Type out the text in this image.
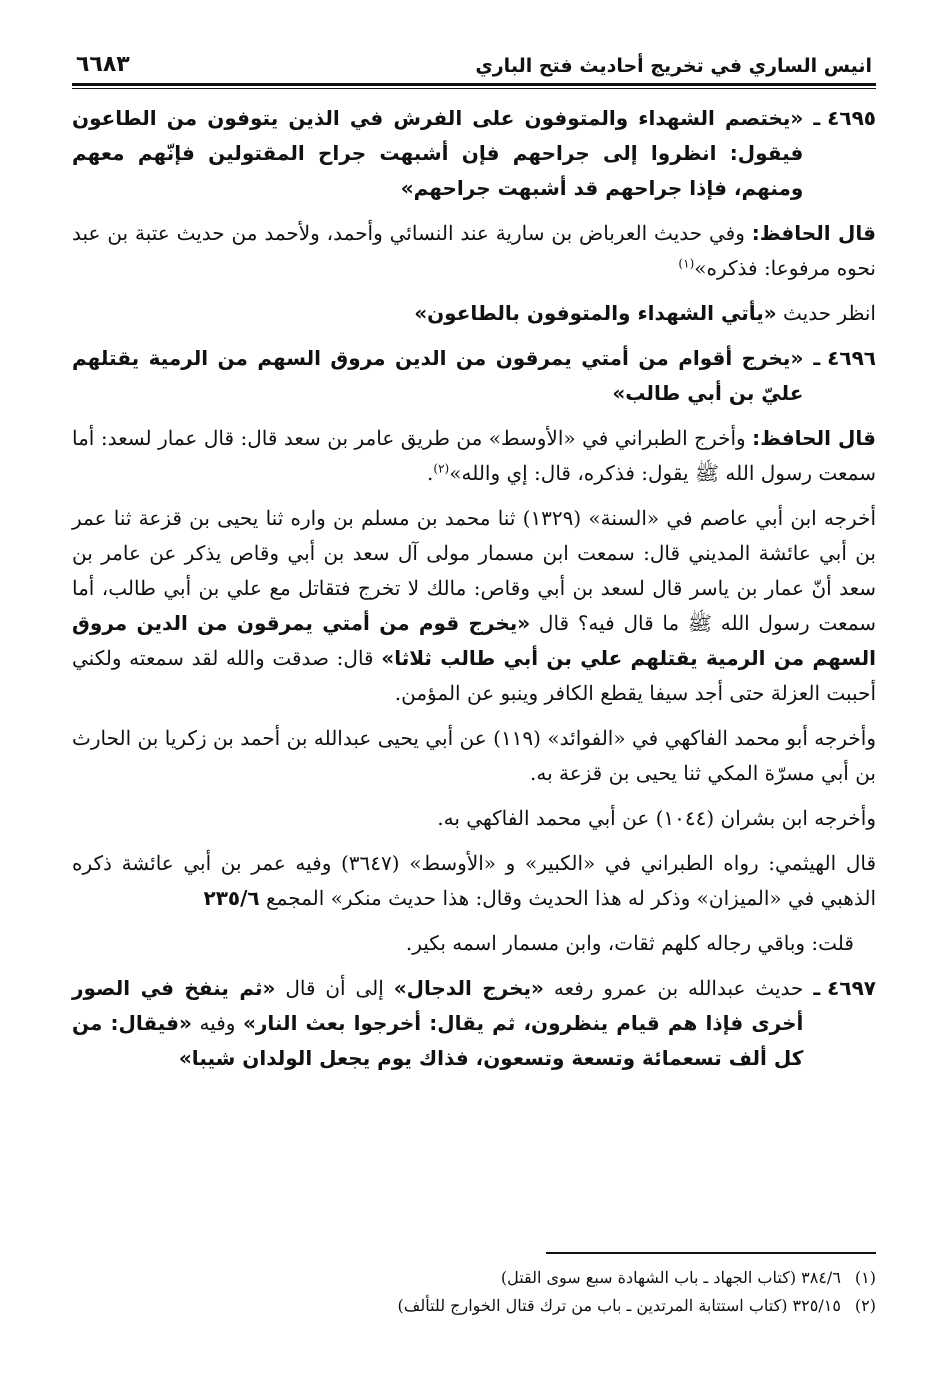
انيس الساري في تخريج أحاديث فتح الباري
٦٦٨٣
٤٦٩٥ ـ
«يختصم الشهداء والمتوفون على الفرش في الذين يتوفون من الطاعون فيقول: انظروا إلى جراحهم فإن أشبهت جراح المقتولين فإنّهم معهم ومنهم، فإذا جراحهم قد أشبهت جراحهم»

قال الحافظ: وفي حديث العرباض بن سارية عند النسائي وأحمد، ولأحمد من حديث عتبة بن عبد نحوه مرفوعا: فذكره»$^{(١)}$

انظر حديث «يأتي الشهداء والمتوفون بالطاعون»

٤٦٩٦ ـ
«يخرج أقوام من أمتي يمرقون من الدين مروق السهم من الرمية يقتلهم عليّ بن أبي طالب»

قال الحافظ: وأخرج الطبراني في «الأوسط» من طريق عامر بن سعد قال: قال عمار لسعد: أما سمعت رسول الله ﷺ يقول: فذكره، قال: إي والله»$^{(٢)}$.

أخرجه ابن أبي عاصم في «السنة» (١٣٢٩) ثنا محمد بن مسلم بن واره ثنا يحيى بن قزعة ثنا عمر بن أبي عائشة المديني قال: سمعت ابن مسمار مولى آل سعد بن أبي وقاص يذكر عن عامر بن سعد أنّ عمار بن ياسر قال لسعد بن أبي وقاص: مالك لا تخرج فتقاتل مع علي بن أبي طالب، أما سمعت رسول الله ﷺ ما قال فيه؟ قال «يخرج قوم من أمتي يمرقون من الدين مروق السهم من الرمية يقتلهم علي بن أبي طالب ثلاثا» قال: صدقت والله لقد سمعته ولكني أحببت العزلة حتى أجد سيفا يقطع الكافر وينبو عن المؤمن.

وأخرجه أبو محمد الفاكهي في «الفوائد» (١١٩) عن أبي يحيى عبدالله بن أحمد بن زكريا بن الحارث بن أبي مسرّة المكي ثنا يحيى بن قزعة به.

وأخرجه ابن بشران (١٠٤٤) عن أبي محمد الفاكهي به.

قال الهيثمي: رواه الطبراني في «الكبير» و «الأوسط» (٣٦٤٧) وفيه عمر بن أبي عائشة ذكره الذهبي في «الميزان» وذكر له هذا الحديث وقال: هذا حديث منكر» المجمع ٢٣٥/٦

قلت: وباقي رجاله كلهم ثقات، وابن مسمار اسمه بكير.

٤٦٩٧ ـ
حديث عبدالله بن عمرو رفعه «يخرج الدجال» إلى أن قال «ثم ينفخ في الصور أخرى فإذا هم قيام ينظرون، ثم يقال: أخرجوا بعث النار» وفيه «فيقال: من كل ألف تسعمائة وتسعة وتسعون، فذاك يوم يجعل الولدان شيبا»
(١)
٣٨٤/٦ (كتاب الجهاد ـ باب الشهادة سبع سوى القتل)
(٢)
٣٢٥/١٥ (كتاب استتابة المرتدين ـ باب من ترك قتال الخوارج للتألف)
